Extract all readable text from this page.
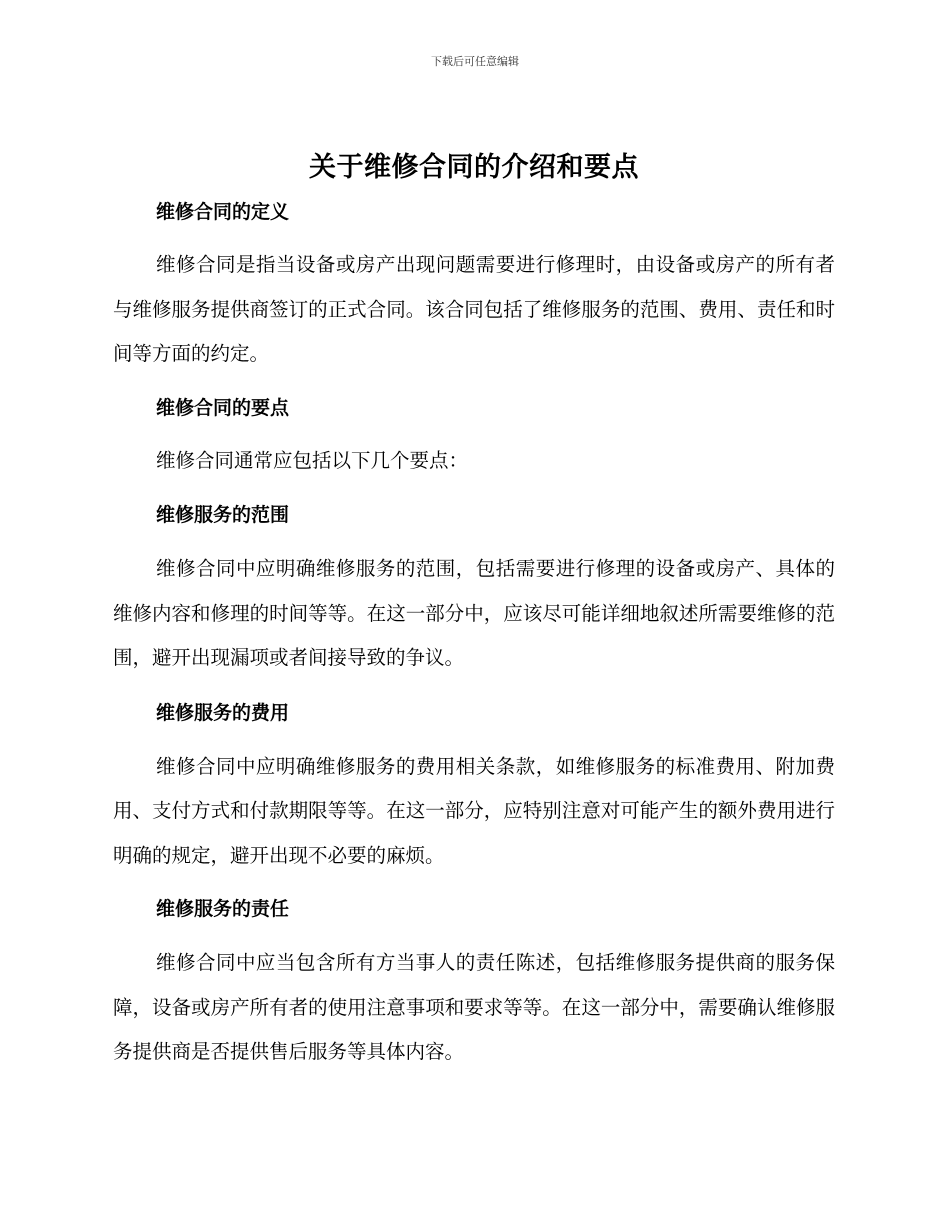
下载后可任意编辑
关于维修合同的介绍和要点
维修合同的定义

维修合同是指当设备或房产出现问题需要进行修理时，由设备或房产的所有者与维修服务提供商签订的正式合同。该合同包括了维修服务的范围、费用、责任和时间等方面的约定。

维修合同的要点

维修合同通常应包括以下几个要点：

维修服务的范围

维修合同中应明确维修服务的范围，包括需要进行修理的设备或房产、具体的维修内容和修理的时间等等。在这一部分中，应该尽可能详细地叙述所需要维修的范围，避开出现漏项或者间接导致的争议。

维修服务的费用

维修合同中应明确维修服务的费用相关条款，如维修服务的标准费用、附加费用、支付方式和付款期限等等。在这一部分，应特别注意对可能产生的额外费用进行明确的规定，避开出现不必要的麻烦。

维修服务的责任

维修合同中应当包含所有方当事人的责任陈述，包括维修服务提供商的服务保障，设备或房产所有者的使用注意事项和要求等等。在这一部分中，需要确认维修服务提供商是否提供售后服务等具体内容。
